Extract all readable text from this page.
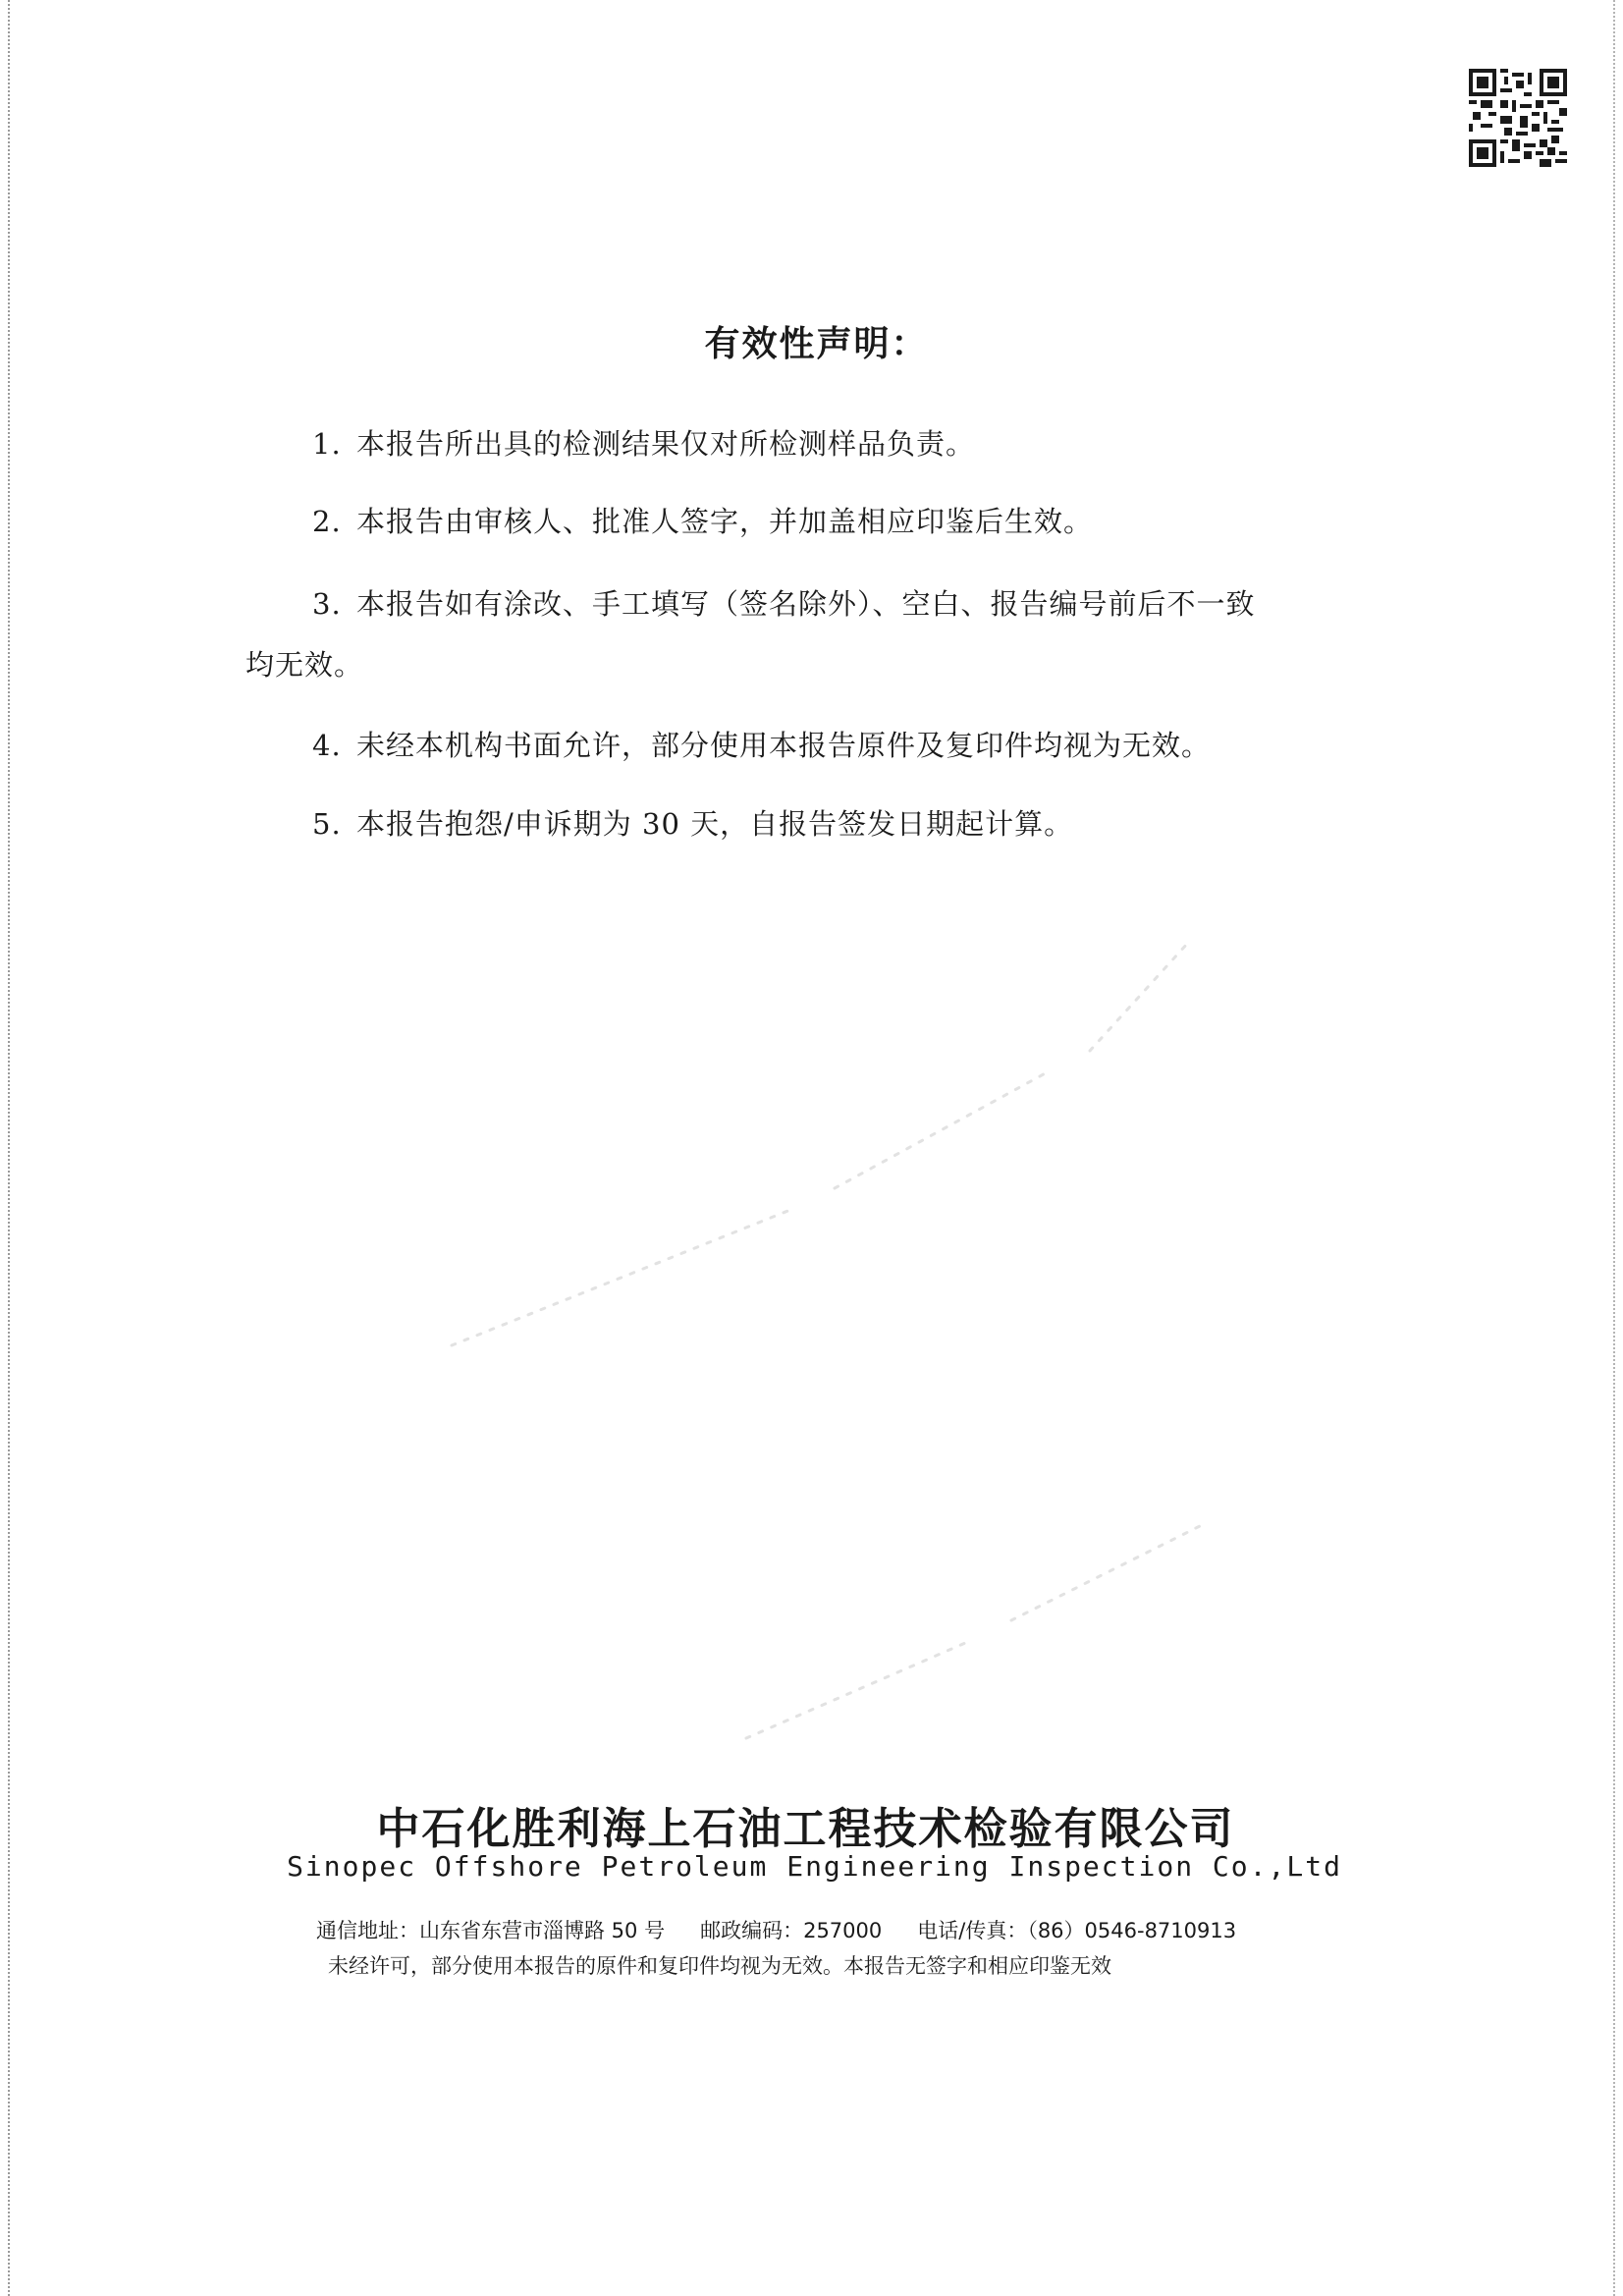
有效性声明：
1. 本报告所出具的检测结果仅对所检测样品负责。
2. 本报告由审核人、批准人签字，并加盖相应印鉴后生效。
3. 本报告如有涂改、手工填写（签名除外）、空白、报告编号前后不一致
均无效。
4. 未经本机构书面允许，部分使用本报告原件及复印件均视为无效。
5. 本报告抱怨/申诉期为 30 天，自报告签发日期起计算。
中石化胜利海上石油工程技术检验有限公司
Sinopec Offshore Petroleum Engineering Inspection Co.,Ltd
通信地址：山东省东营市淄博路 50 号 邮政编码：257000 电话/传真：（86）0546-8710913
未经许可，部分使用本报告的原件和复印件均视为无效。本报告无签字和相应印鉴无效
